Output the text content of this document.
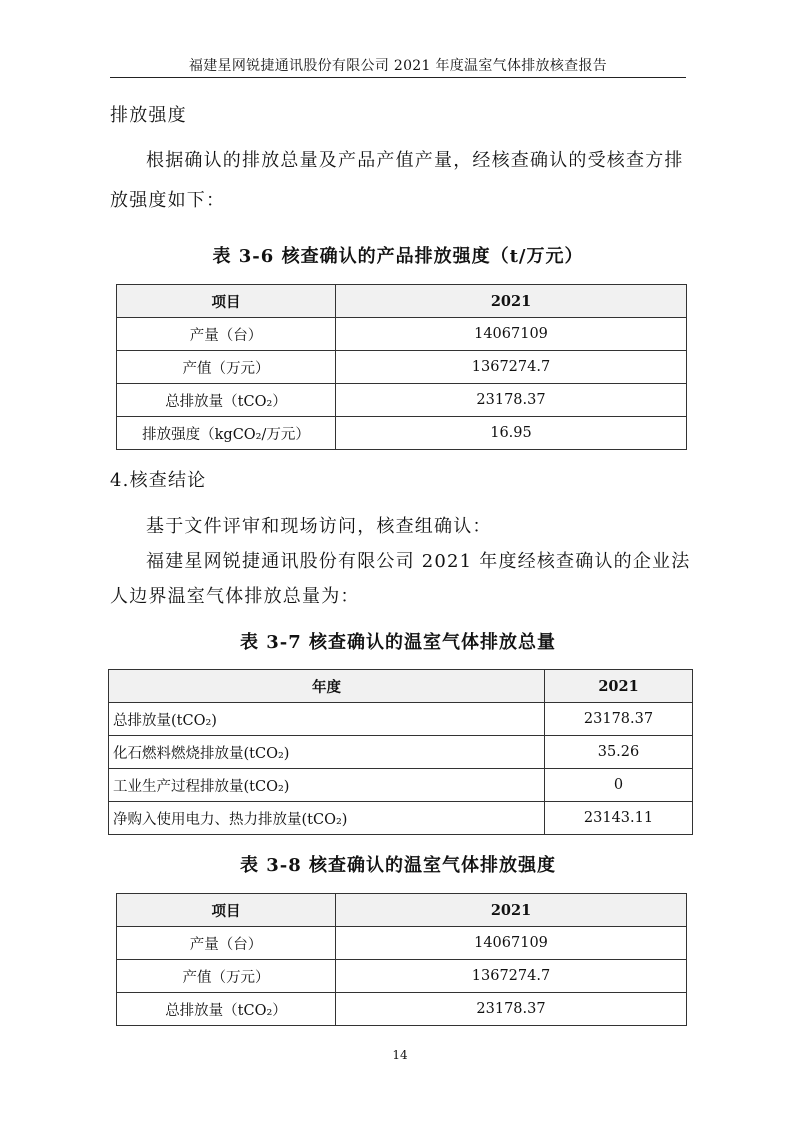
福建星网锐捷通讯股份有限公司 2021 年度温室气体排放核查报告
排放强度
根据确认的排放总量及产品产值产量，经核查确认的受核查方排
放强度如下：
表 3-6 核查确认的产品排放强度（t/万元）
项目	2021
产量（台）	14067109
产值（万元）	1367274.7
总排放量（tCO₂）	23178.37
排放强度（kgCO₂/万元）	16.95
4.核查结论
基于文件评审和现场访问，核查组确认：
福建星网锐捷通讯股份有限公司 2021 年度经核查确认的企业法
人边界温室气体排放总量为：
表 3-7 核查确认的温室气体排放总量
年度	2021
总排放量(tCO₂)	23178.37
化石燃料燃烧排放量(tCO₂)	35.26
工业生产过程排放量(tCO₂)	0
净购入使用电力、热力排放量(tCO₂)	23143.11
表 3-8 核查确认的温室气体排放强度
项目	2021
产量（台）	14067109
产值（万元）	1367274.7
总排放量（tCO₂）	23178.37
14
